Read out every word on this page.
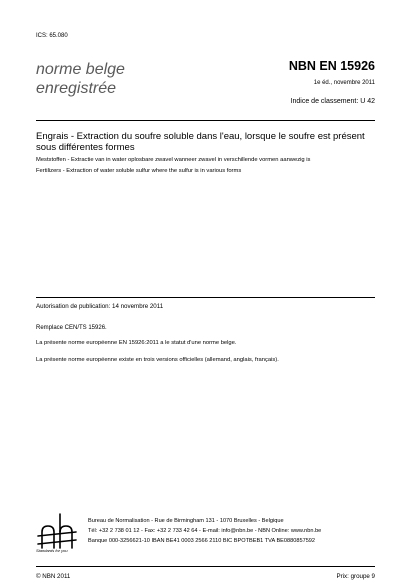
ICS: 65.080
norme belge
enregistrée
NBN EN 15926
1e éd., novembre 2011
Indice de classement: U 42
Engrais - Extraction du soufre soluble dans l'eau, lorsque le soufre est présent sous différentes formes
Meststoffen - Extractie van in water oplosbare zwavel wanneer zwavel in verschillende vormen aanwezig is
Fertilizers - Extraction of water soluble sulfur where the sulfur is in various forms
Autorisation de publication: 14 novembre 2011
Remplace CEN/TS 15926.
La présente norme européenne EN 15926:2011 a le statut d'une norme belge.
La présente norme européenne existe en trois versions officielles (allemand, anglais, français).
Standards for you
Bureau de Normalisation - Rue de Birmingham 131 - 1070 Bruxelles - Belgique
Tél: +32 2 738 01 12 - Fax: +32 2 733 42 64 - E-mail: info@nbn.be - NBN Online: www.nbn.be
Banque 000-3256621-10 IBAN BE41 0003 2566 2110 BIC BPOTBEB1 TVA BE0880857592
© NBN 2011	Prix: groupe 9
